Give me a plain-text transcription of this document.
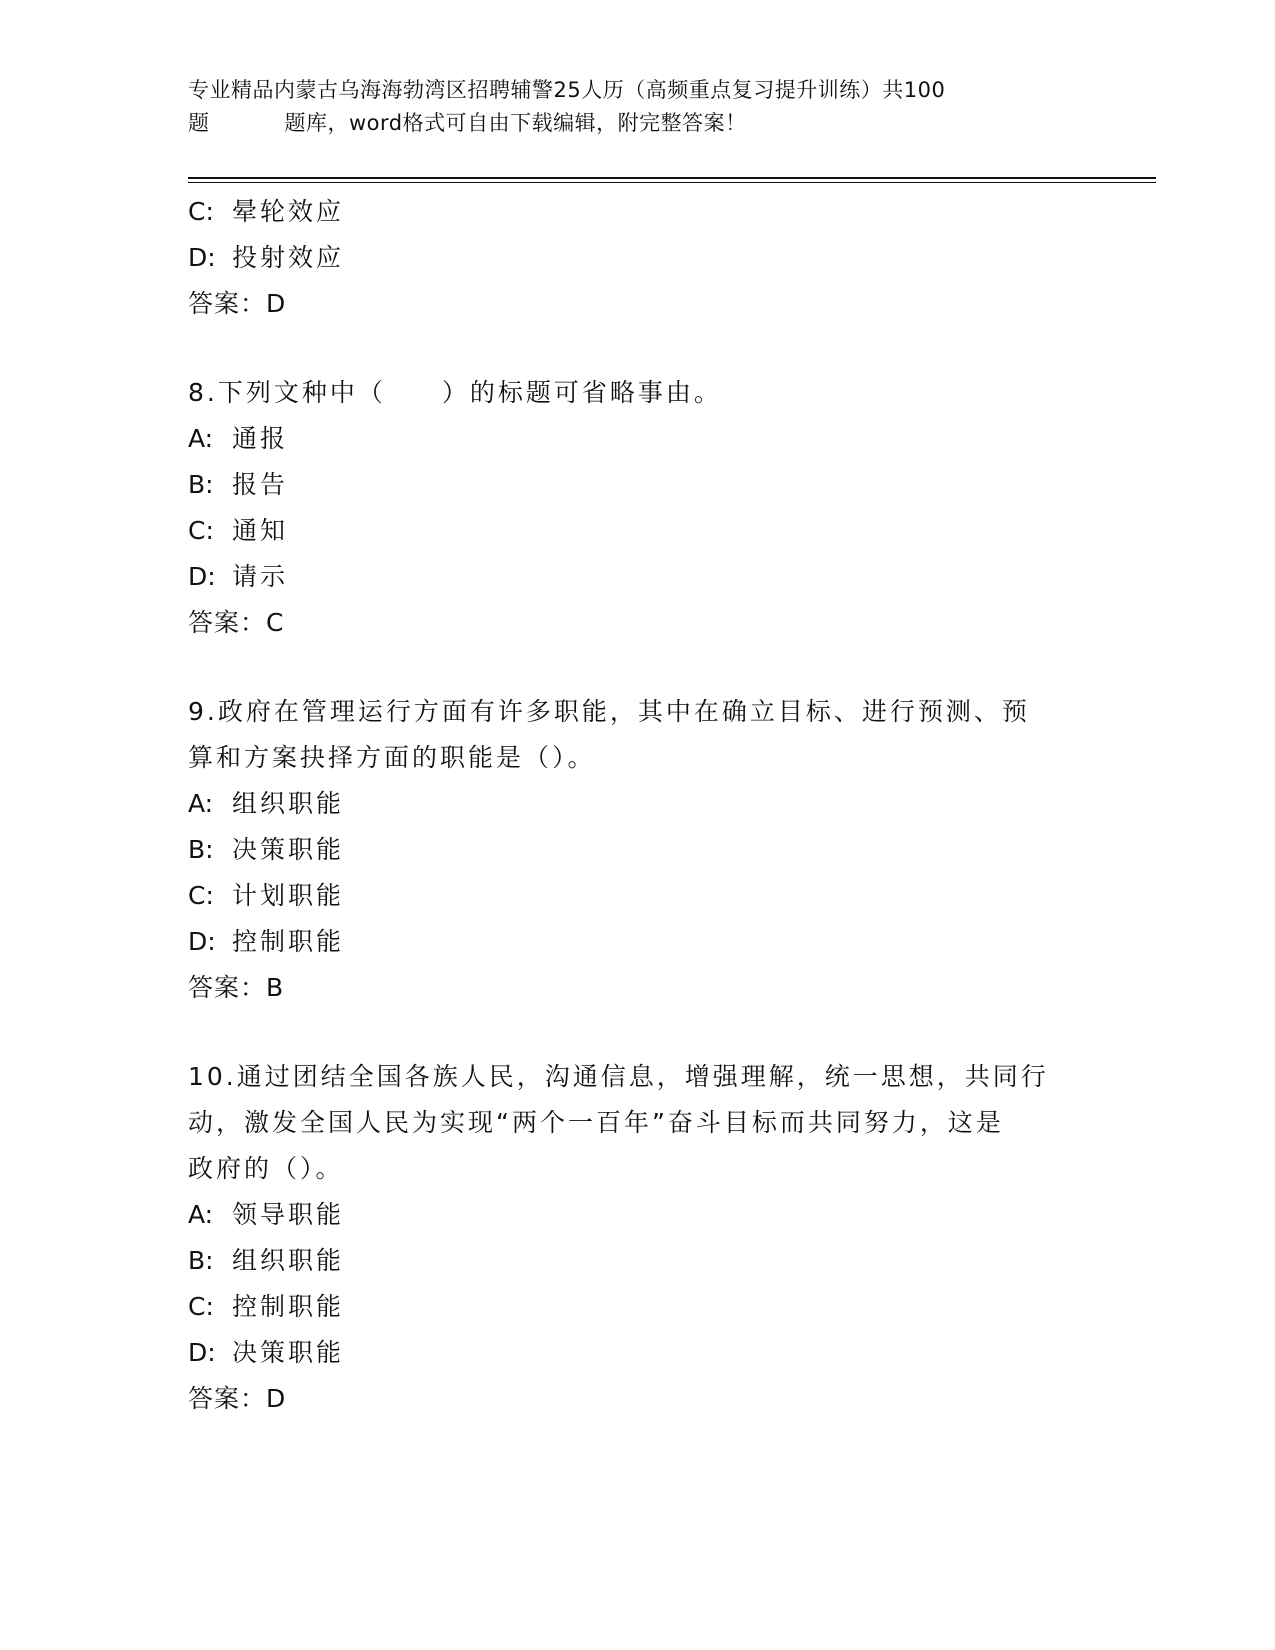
专业精品内蒙古乌海海勃湾区招聘辅警25人历（高频重点复习提升训练）共100
题	题库，word格式可自由下载编辑，附完整答案！
C: 晕轮效应
D: 投射效应
答案：D
8.下列文种中（　　）的标题可省略事由。
A: 通报
B: 报告
C: 通知
D: 请示
答案：C
9.政府在管理运行方面有许多职能，其中在确立目标、进行预测、预
算和方案抉择方面的职能是（）。
A: 组织职能
B: 决策职能
C: 计划职能
D: 控制职能
答案：B
10.通过团结全国各族人民，沟通信息，增强理解，统一思想，共同行
动，激发全国人民为实现“两个一百年”奋斗目标而共同努力，这是
政府的（）。
A: 领导职能
B: 组织职能
C: 控制职能
D: 决策职能
答案：D
